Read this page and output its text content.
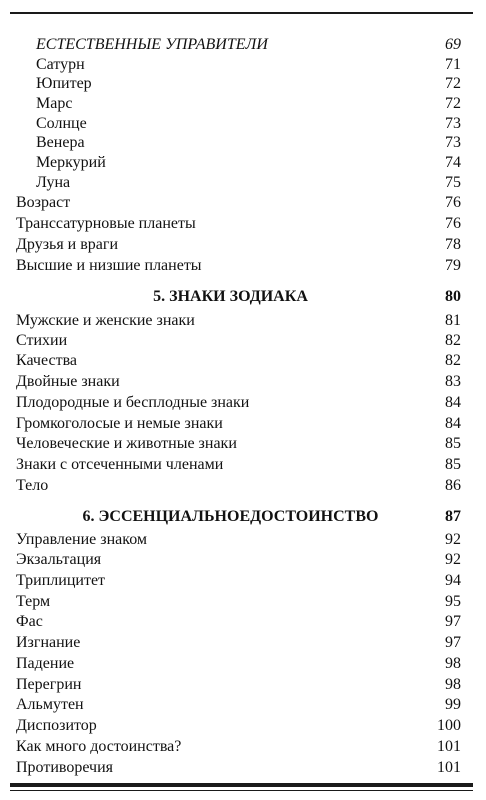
ЕСТЕСТВЕННЫЕ УПРАВИТЕЛИ	69
Сатурн	71
Юпитер	72
Марс	72
Солнце	73
Венера	73
Меркурий	74
Луна	75
Возраст	76
Транссатурновые планеты	76
Друзья и враги	78
Высшие и низшие планеты	79
5. ЗНАКИ ЗОДИАКА	80
Мужские и женские знаки	81
Стихии	82
Качества	82
Двойные знаки	83
Плодородные и бесплодные знаки	84
Громкоголосые и немые знаки	84
Человеческие и животные знаки	85
Знаки с отсеченными членами	85
Тело	86
6. ЭССЕНЦИАЛЬНОЕДОСТОИНСТВО	87
Управление знаком	92
Экзальтация	92
Триплицитет	94
Терм	95
Фас	97
Изгнание	97
Падение	98
Перегрин	98
Альмутен	99
Диспозитор	100
Как много достоинства?	101
Противоречия	101
